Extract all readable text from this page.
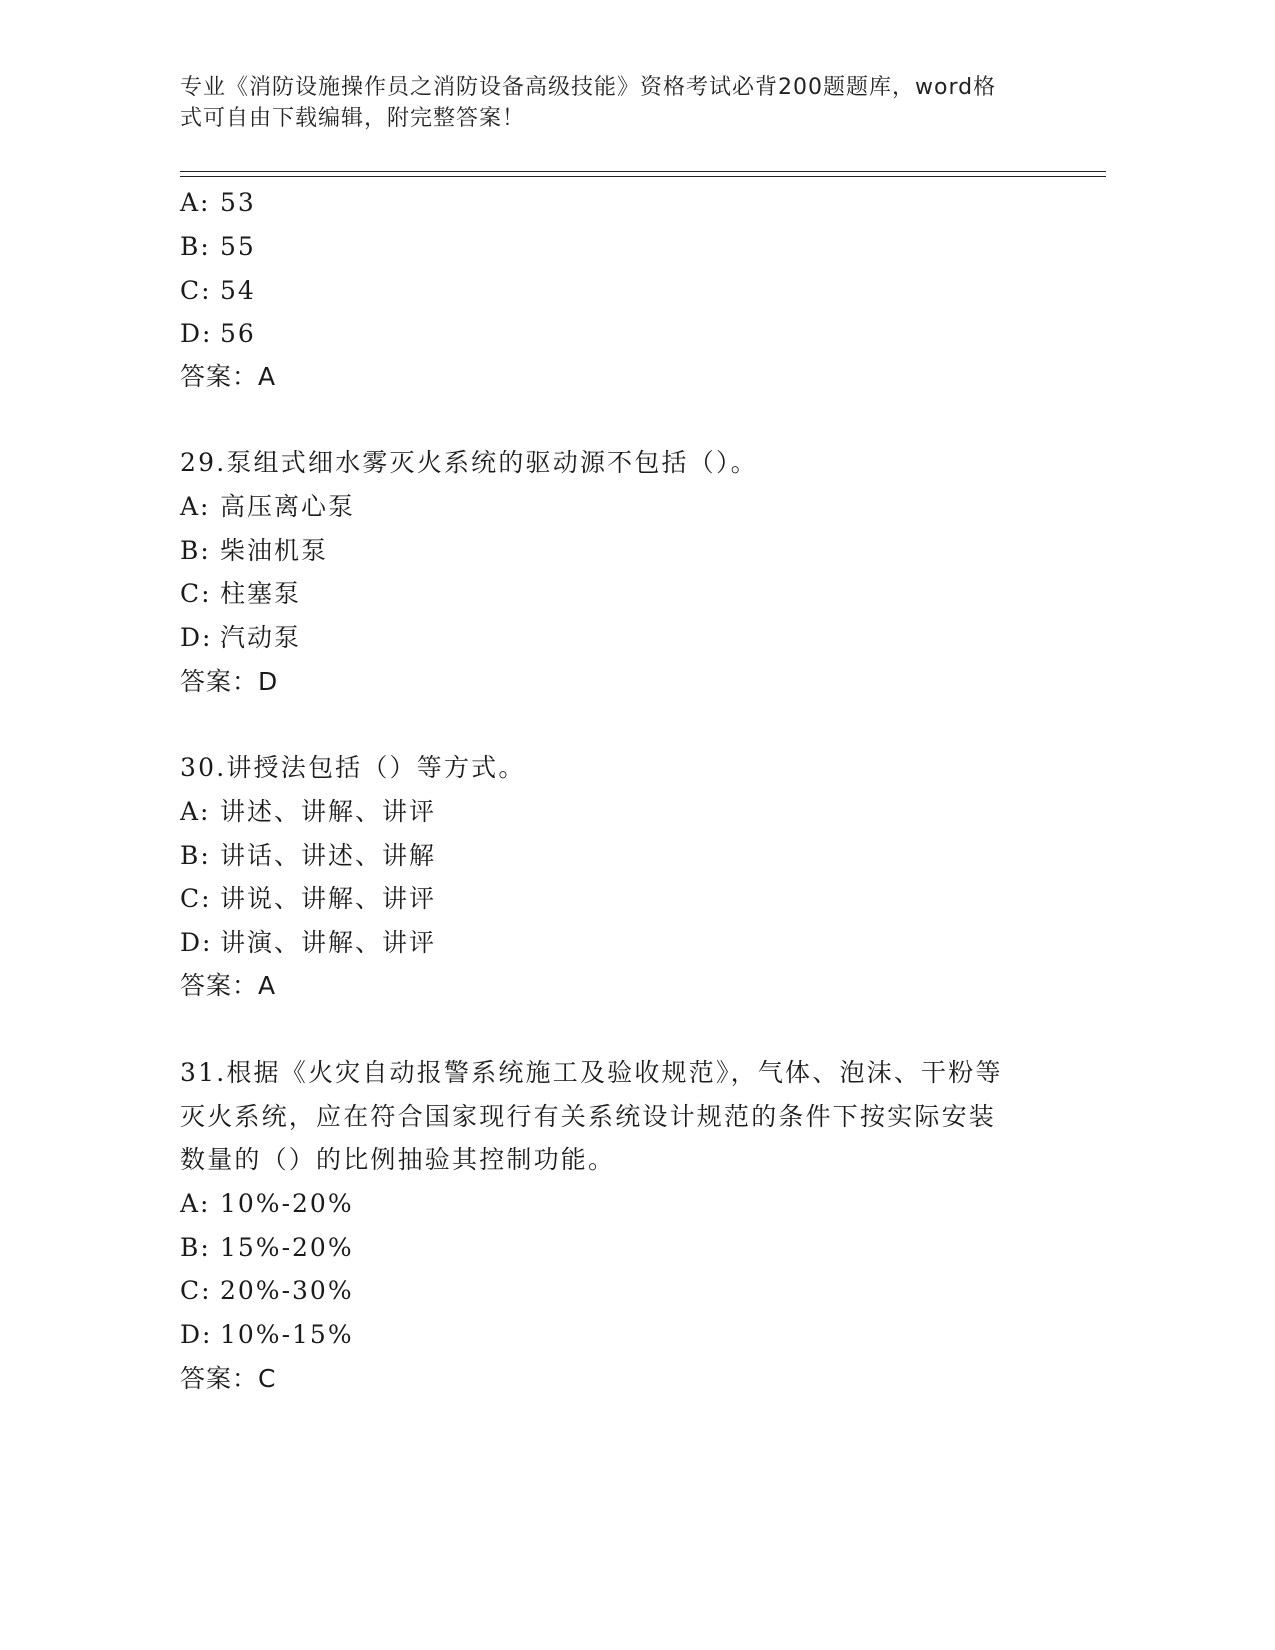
专业《消防设施操作员之消防设备高级技能》资格考试必背200题题库，word格
式可自由下载编辑，附完整答案！
A: 53
B: 55
C: 54
D: 56
答案：A
29.泵组式细水雾灭火系统的驱动源不包括（）。
A: 高压离心泵
B: 柴油机泵
C: 柱塞泵
D: 汽动泵
答案：D
30.讲授法包括（）等方式。
A: 讲述、讲解、讲评
B: 讲话、讲述、讲解
C: 讲说、讲解、讲评
D: 讲演、讲解、讲评
答案：A
31.根据《火灾自动报警系统施工及验收规范》，气体、泡沫、干粉等
灭火系统，应在符合国家现行有关系统设计规范的条件下按实际安装
数量的（）的比例抽验其控制功能。
A: 10%-20%
B: 15%-20%
C: 20%-30%
D: 10%-15%
答案：C
